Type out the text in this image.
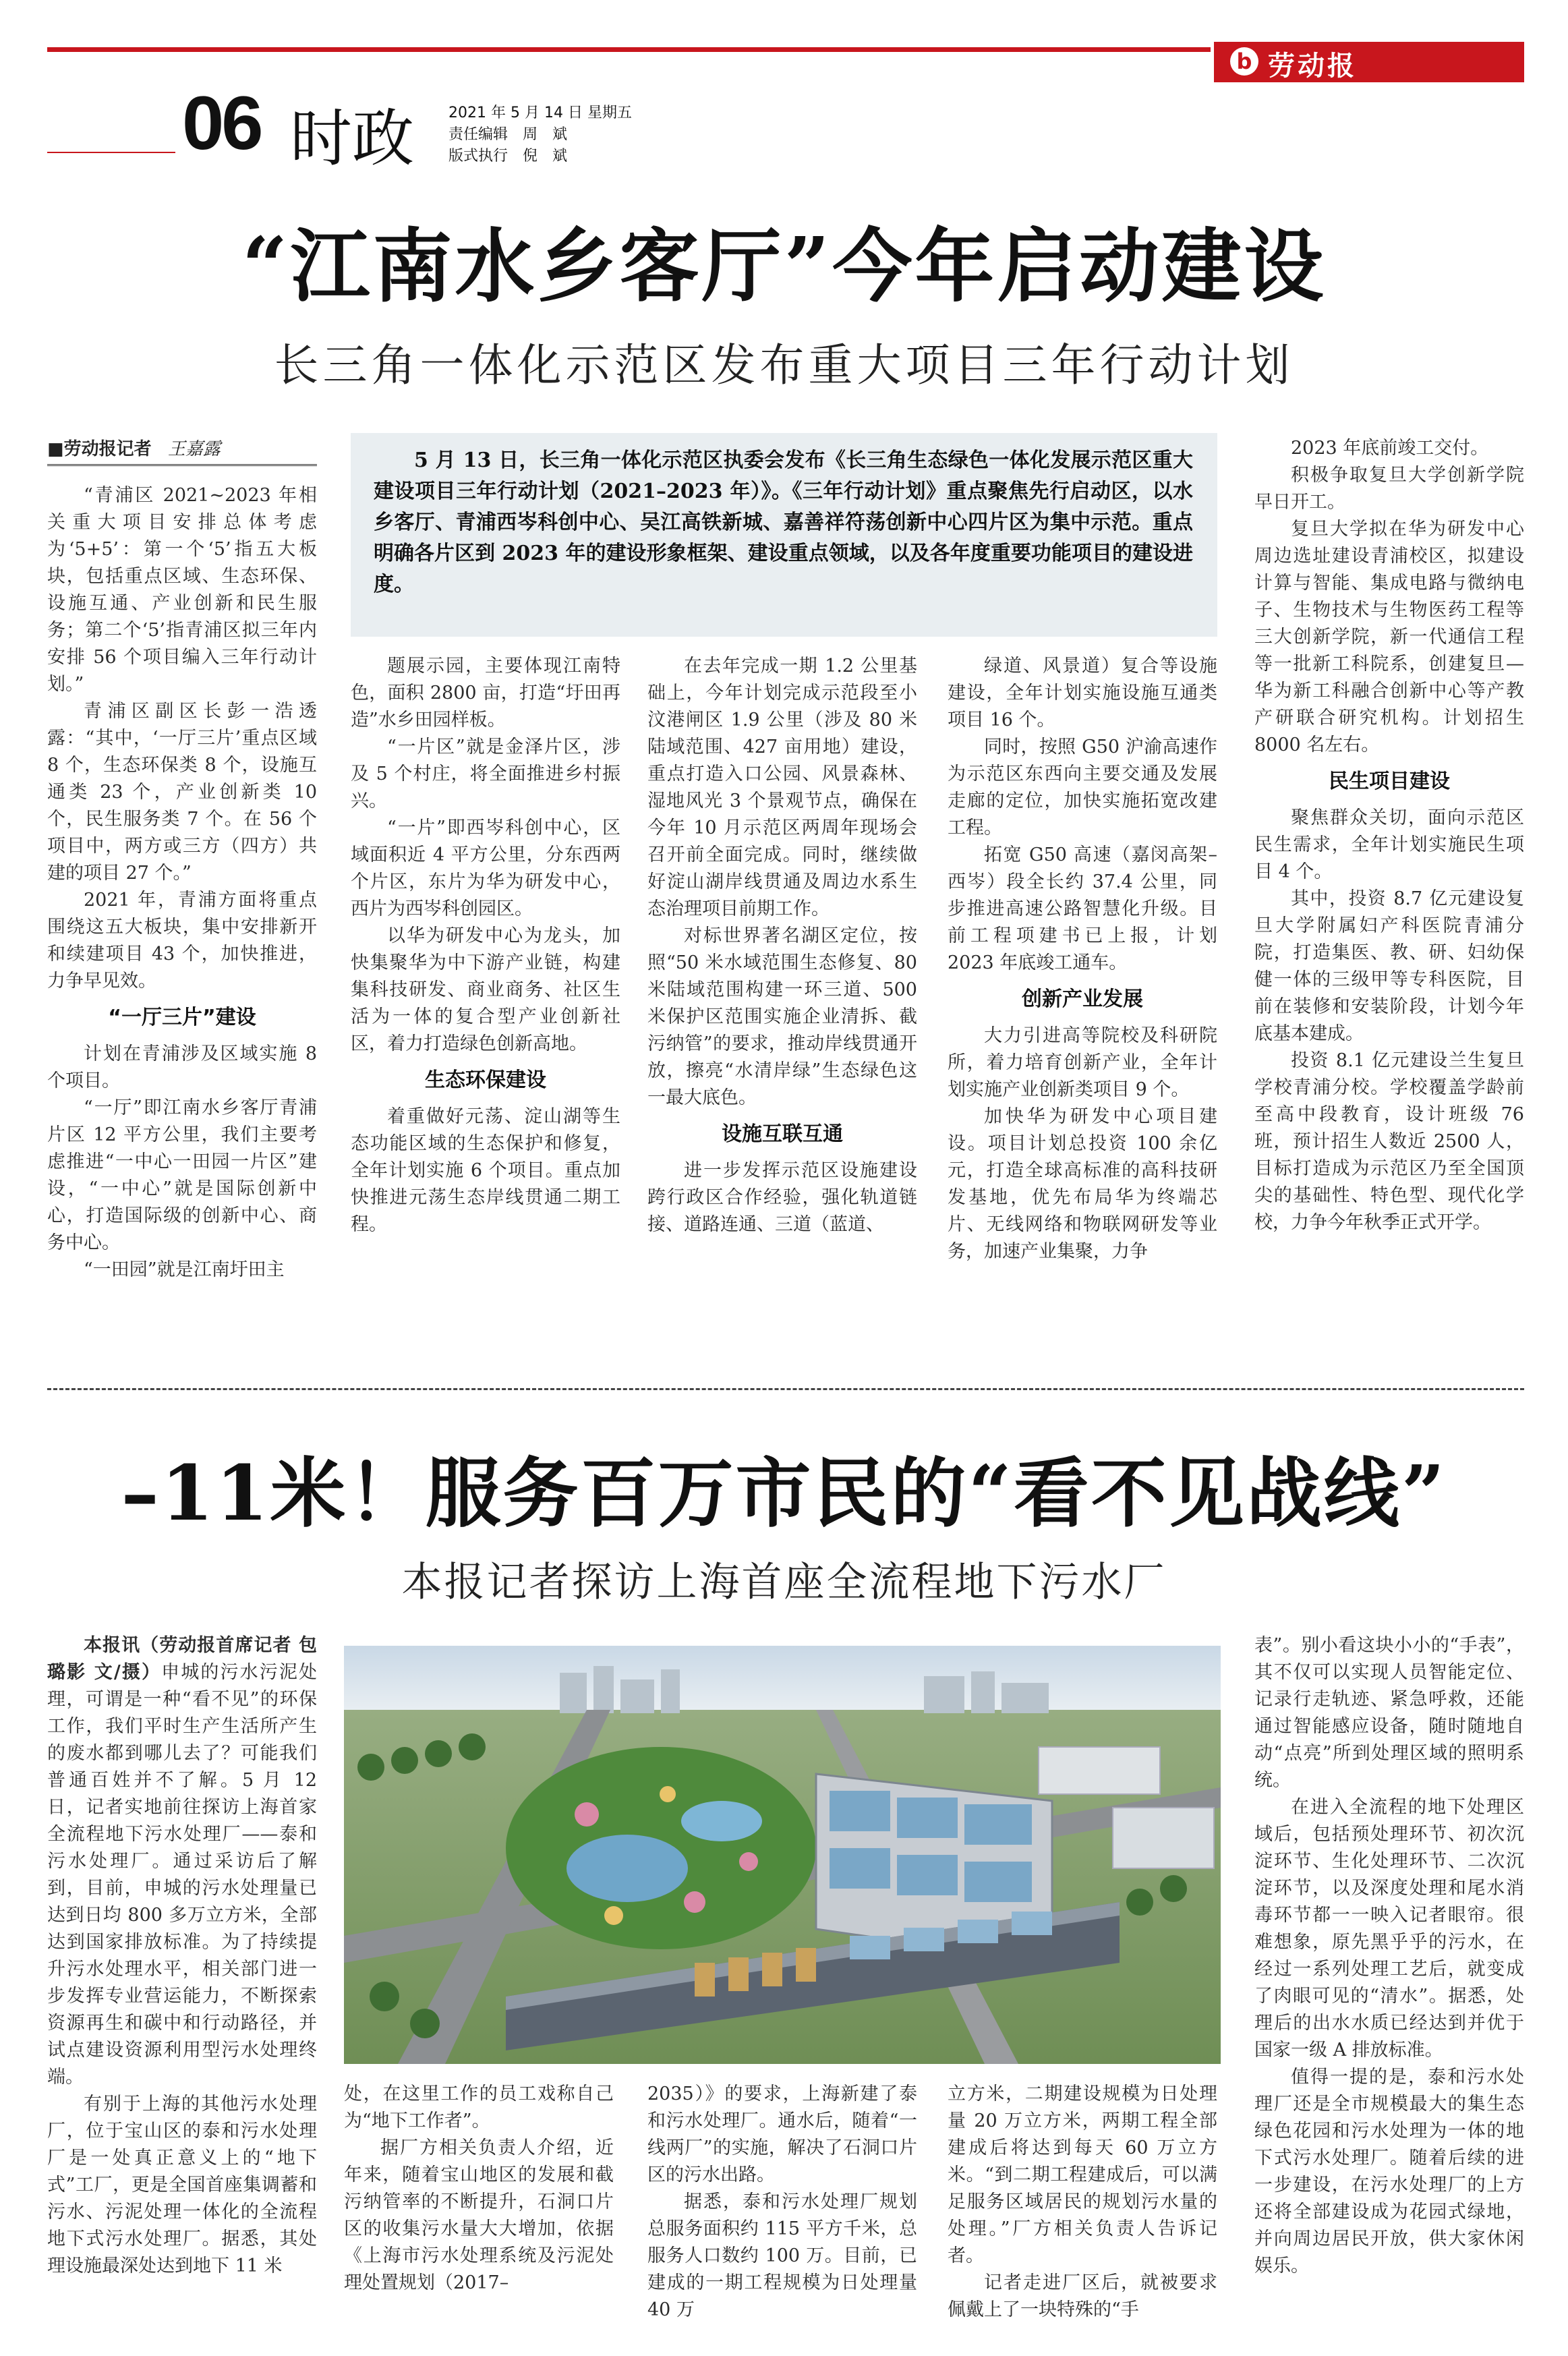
b 劳动报
06 时政 2021 年 5 月 14 日 星期五
责任编辑　周　斌
版式执行　倪　斌
“江南水乡客厅”今年启动建设
长三角一体化示范区发布重大项目三年行动计划
■劳动报记者 王嘉露	5 月 13 日，长三角一体化示范区执委会发布《长三角生态绿色一体化发展示范区重大建设项目三年行动计划（2021–2023 年）》。《三年行动计划》重点聚焦先行启动区，以水乡客厅、青浦西岑科创中心、吴江高铁新城、嘉善祥符荡创新中心四片区为集中示范。重点明确各片区到 2023 年的建设形象框架、建设重点领域，以及各年度重要功能项目的建设进度。

“青浦区 2021~2023 年相关重大项目安排总体考虑为‘5+5’：第一个‘5’指五大板块，包括重点区域、生态环保、设施互通、产业创新和民生服务；第二个‘5’指青浦区拟三年内安排 56 个项目编入三年行动计划。”

青浦区副区长彭一浩透露：“其中，‘一厅三片’重点区域 8 个，生态环保类 8 个，设施互通类 23 个，产业创新类 10 个，民生服务类 7 个。在 56 个项目中，两方或三方（四方）共建的项目 27 个。”

2021 年，青浦方面将重点围绕这五大板块，集中安排新开和续建项目 43 个，加快推进，力争早见效。

“一厅三片”建设

计划在青浦涉及区域实施 8 个项目。

“一厅”即江南水乡客厅青浦片区 12 平方公里，我们主要考虑推进“一中心一田园一片区”建设，“一中心”就是国际创新中心，打造国际级的创新中心、商务中心。

“一田园”就是江南圩田主

题展示园，主要体现江南特色，面积 2800 亩，打造“圩田再造”水乡田园样板。

“一片区”就是金泽片区，涉及 5 个村庄，将全面推进乡村振兴。

“一片”即西岑科创中心，区域面积近 4 平方公里，分东西两个片区，东片为华为研发中心，西片为西岑科创园区。

以华为研发中心为龙头，加快集聚华为中下游产业链，构建集科技研发、商业商务、社区生活为一体的复合型产业创新社区，着力打造绿色创新高地。

生态环保建设

着重做好元荡、淀山湖等生态功能区域的生态保护和修复，全年计划实施 6 个项目。重点加快推进元荡生态岸线贯通二期工程。

在去年完成一期 1.2 公里基础上，今年计划完成示范段至小汶港闸区 1.9 公里（涉及 80 米陆域范围、427 亩用地）建设，重点打造入口公园、风景森林、湿地风光 3 个景观节点，确保在今年 10 月示范区两周年现场会召开前全面完成。同时，继续做好淀山湖岸线贯通及周边水系生态治理项目前期工作。

对标世界著名湖区定位，按照“50 米水域范围生态修复、80 米陆域范围构建一环三道、500 米保护区范围实施企业清拆、截污纳管”的要求，推动岸线贯通开放，擦亮“水清岸绿”生态绿色这一最大底色。

设施互联互通

进一步发挥示范区设施建设跨行政区合作经验，强化轨道链接、道路连通、三道（蓝道、

绿道、风景道）复合等设施建设，全年计划实施设施互通类项目 16 个。

同时，按照 G50 沪渝高速作为示范区东西向主要交通及发展走廊的定位，加快实施拓宽改建工程。

拓宽 G50 高速（嘉闵高架–西岑）段全长约 37.4 公里，同步推进高速公路智慧化升级。目前工程项建书已上报，计划 2023 年底竣工通车。

创新产业发展

大力引进高等院校及科研院所，着力培育创新产业，全年计划实施产业创新类项目 9 个。

加快华为研发中心项目建设。项目计划总投资 100 余亿元，打造全球高标准的高科技研发基地，优先布局华为终端芯片、无线网络和物联网研发等业务，加速产业集聚，力争

2023 年底前竣工交付。

积极争取复旦大学创新学院早日开工。

复旦大学拟在华为研发中心周边选址建设青浦校区，拟建设计算与智能、集成电路与微纳电子、生物技术与生物医药工程等三大创新学院，新一代通信工程等一批新工科院系，创建复旦—华为新工科融合创新中心等产教产研联合研究机构。计划招生 8000 名左右。

民生项目建设

聚焦群众关切，面向示范区民生需求，全年计划实施民生项目 4 个。

其中，投资 8.7 亿元建设复旦大学附属妇产科医院青浦分院，打造集医、教、研、妇幼保健一体的三级甲等专科医院，目前在装修和安装阶段，计划今年底基本建成。

投资 8.1 亿元建设兰生复旦学校青浦分校。学校覆盖学龄前至高中段教育，设计班级 76 班，预计招生人数近 2500 人，目标打造成为示范区乃至全国顶尖的基础性、特色型、现代化学校，力争今年秋季正式开学。

–11米！服务百万市民的“看不见战线”
本报记者探访上海首座全流程地下污水厂

本报讯（劳动报首席记者 包璐影 文/摄）申城的污水污泥处理，可谓是一种“看不见”的环保工作，我们平时生产生活所产生的废水都到哪儿去了？可能我们普通百姓并不了解。5 月 12 日，记者实地前往探访上海首家全流程地下污水处理厂——泰和污水处理厂。通过采访后了解到，目前，申城的污水处理量已达到日均 800 多万立方米，全部达到国家排放标准。为了持续提升污水处理水平，相关部门进一步发挥专业营运能力，不断探索资源再生和碳中和行动路径，并试点建设资源利用型污水处理终端。

有别于上海的其他污水处理厂，位于宝山区的泰和污水处理厂是一处真正意义上的“地下式”工厂，更是全国首座集调蓄和污水、污泥处理一体化的全流程地下式污水处理厂。据悉，其处理设施最深处达到地下 11 米

处，在这里工作的员工戏称自己为“地下工作者”。

据厂方相关负责人介绍，近年来，随着宝山地区的发展和截污纳管率的不断提升，石洞口片区的收集污水量大大增加，依据《上海市污水处理系统及污泥处理处置规划（2017–

2035）》的要求，上海新建了泰和污水处理厂。通水后，随着“一线两厂”的实施，解决了石洞口片区的污水出路。

据悉，泰和污水处理厂规划总服务面积约 115 平方千米，总服务人口数约 100 万。目前，已建成的一期工程规模为日处理量40 万

立方米，二期建设规模为日处理量 20 万立方米，两期工程全部建成后将达到每天 60 万立方米。“到二期工程建成后，可以满足服务区域居民的规划污水量的处理。”厂方相关负责人告诉记者。

记者走进厂区后，就被要求佩戴上了一块特殊的“手

表”。别小看这块小小的“手表”，其不仅可以实现人员智能定位、记录行走轨迹、紧急呼救，还能通过智能感应设备，随时随地自动“点亮”所到处理区域的照明系统。

在进入全流程的地下处理区域后，包括预处理环节、初次沉淀环节、生化处理环节、二次沉淀环节，以及深度处理和尾水消毒环节都一一映入记者眼帘。很难想象，原先黑乎乎的污水，在经过一系列处理工艺后，就变成了肉眼可见的“清水”。据悉，处理后的出水水质已经达到并优于国家一级 A 排放标准。

值得一提的是，泰和污水处理厂还是全市规模最大的集生态绿色花园和污水处理为一体的地下式污水处理厂。随着后续的进一步建设，在污水处理厂的上方还将全部建设成为花园式绿地，并向周边居民开放，供大家休闲娱乐。
